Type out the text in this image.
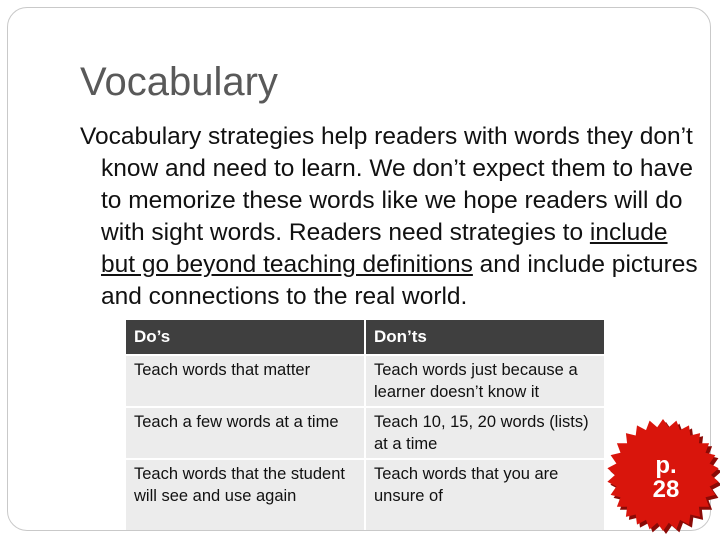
Vocabulary

Vocabulary strategies help readers with words they don’t know and need to learn. We don’t expect them to have to memorize these words like we hope readers will do with sight words. Readers need strategies to include but go beyond teaching definitions and include pictures and connections to the real world.

Do’s	Don’ts
Teach words that matter	Teach words just because a learner doesn’t know it
Teach a few words at a time	Teach 10, 15, 20 words (lists) at a time
Teach words that the student will see and use again	Teach words that you are unsure of
p.
28
